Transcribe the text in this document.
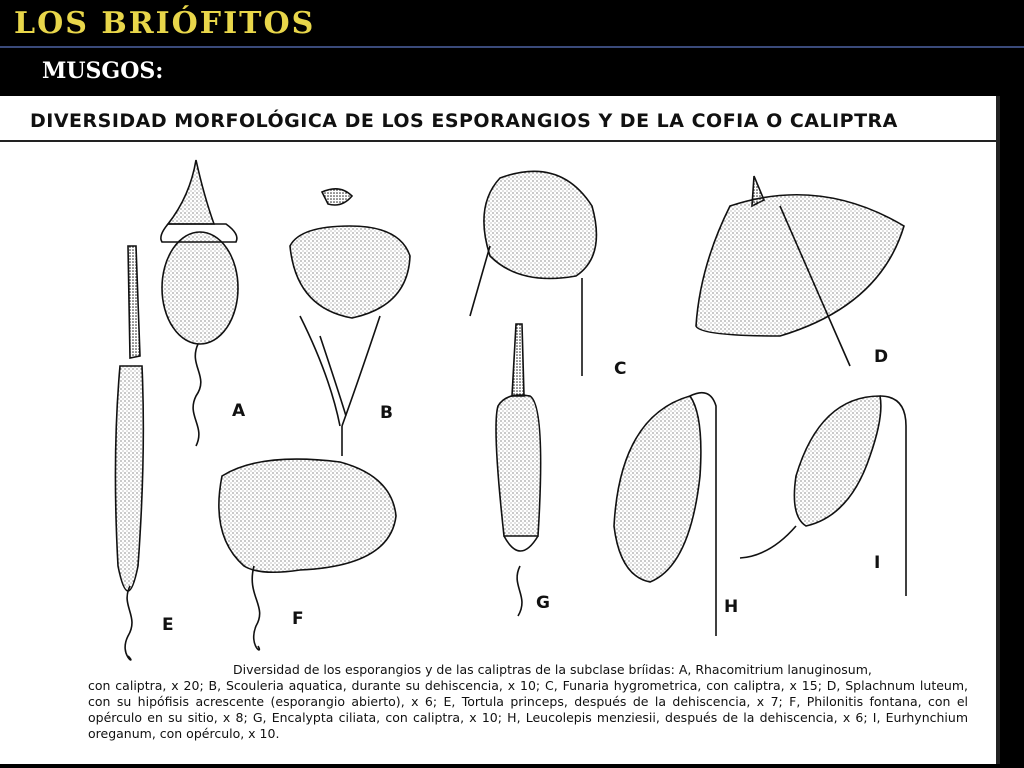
LOS BRIÓFITOS
MUSGOS:
DIVERSIDAD MORFOLÓGICA DE LOS ESPORANGIOS Y DE LA COFIA O CALIPTRA
A	B
C
D
E	F
G	H
I
Diversidad de los esporangios y de las caliptras de la subclase bríidas: A, Rhacomitrium lanuginosum,
con caliptra, x 20; B, Scouleria aquatica, durante su dehiscencia, x 10; C, Funaria hygrometrica, con caliptra, x 15; D, Splachnum luteum, con su hipófisis acrescente (esporangio abierto), x 6; E, Tortula princeps, después de la dehiscencia, x 7; F, Philonitis fontana, con el opérculo en su sitio, x 8; G, Encalypta ciliata, con caliptra, x 10; H, Leucolepis menziesii, después de la dehiscencia, x 6; I, Eurhynchium oreganum, con opérculo, x 10.
